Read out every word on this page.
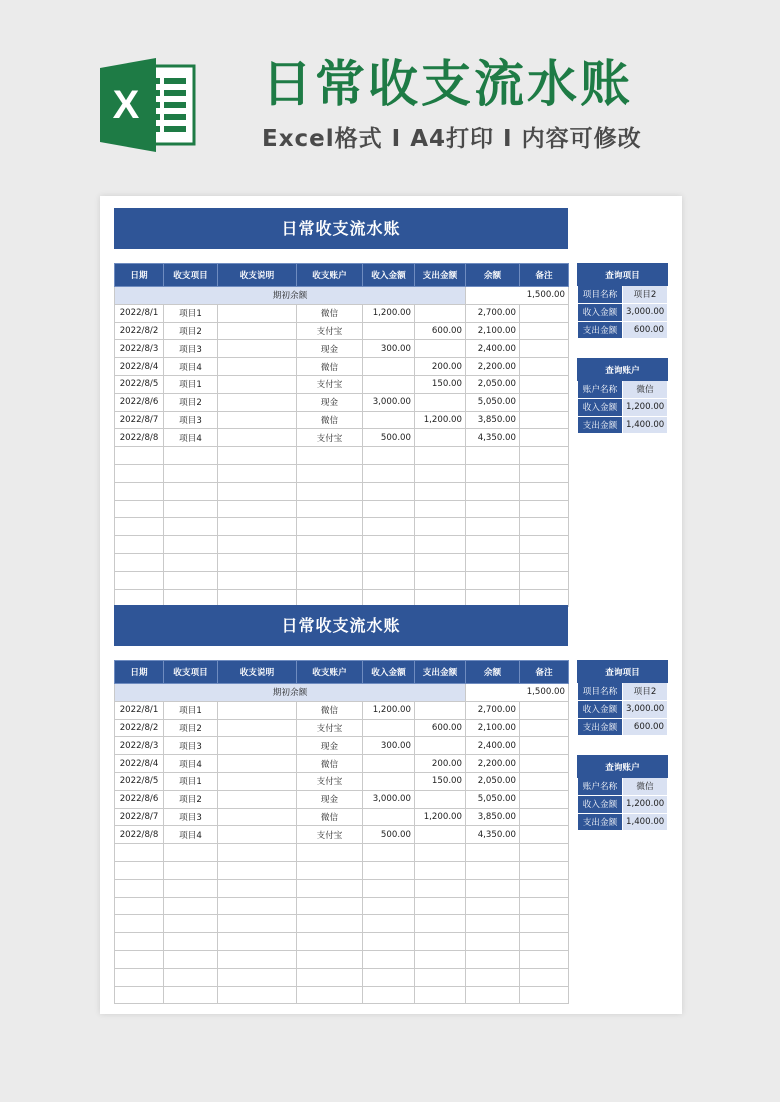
X 日常收支流水账
Excel格式 I A4打印 I 内容可修改
日常收支流水账
日期	收支项目	收支说明	收支账户	收入金额	支出金额	余额	备注
期初余额						1,500.00	
2022/8/1	项目1		微信	1,200.00		2,700.00	
2022/8/2	项目2		支付宝		600.00	2,100.00	
2022/8/3	项目3		现金	300.00		2,400.00	
2022/8/4	项目4		微信		200.00	2,200.00	
2022/8/5	项目1		支付宝		150.00	2,050.00	
2022/8/6	项目2		现金	3,000.00		5,050.00	
2022/8/7	项目3		微信		1,200.00	3,850.00	
2022/8/8	项目4		支付宝	500.00		4,350.00	

查询项目	
项目名称	项目2
收入金额	3,000.00
支出金额	600.00
查询账户	
账户名称	微信
收入金额	1,200.00
支出金额	1,400.00
日常收支流水账
日期	收支项目	收支说明	收支账户	收入金额	支出金额	余额	备注
期初余额						1,500.00	
2022/8/1	项目1		微信	1,200.00		2,700.00	
2022/8/2	项目2		支付宝		600.00	2,100.00	
2022/8/3	项目3		现金	300.00		2,400.00	
2022/8/4	项目4		微信		200.00	2,200.00	
2022/8/5	项目1		支付宝		150.00	2,050.00	
2022/8/6	项目2		现金	3,000.00		5,050.00	
2022/8/7	项目3		微信		1,200.00	3,850.00	
2022/8/8	项目4		支付宝	500.00		4,350.00	

查询项目	
项目名称	项目2
收入金额	3,000.00
支出金额	600.00
查询账户	
账户名称	微信
收入金额	1,200.00
支出金额	1,400.00
